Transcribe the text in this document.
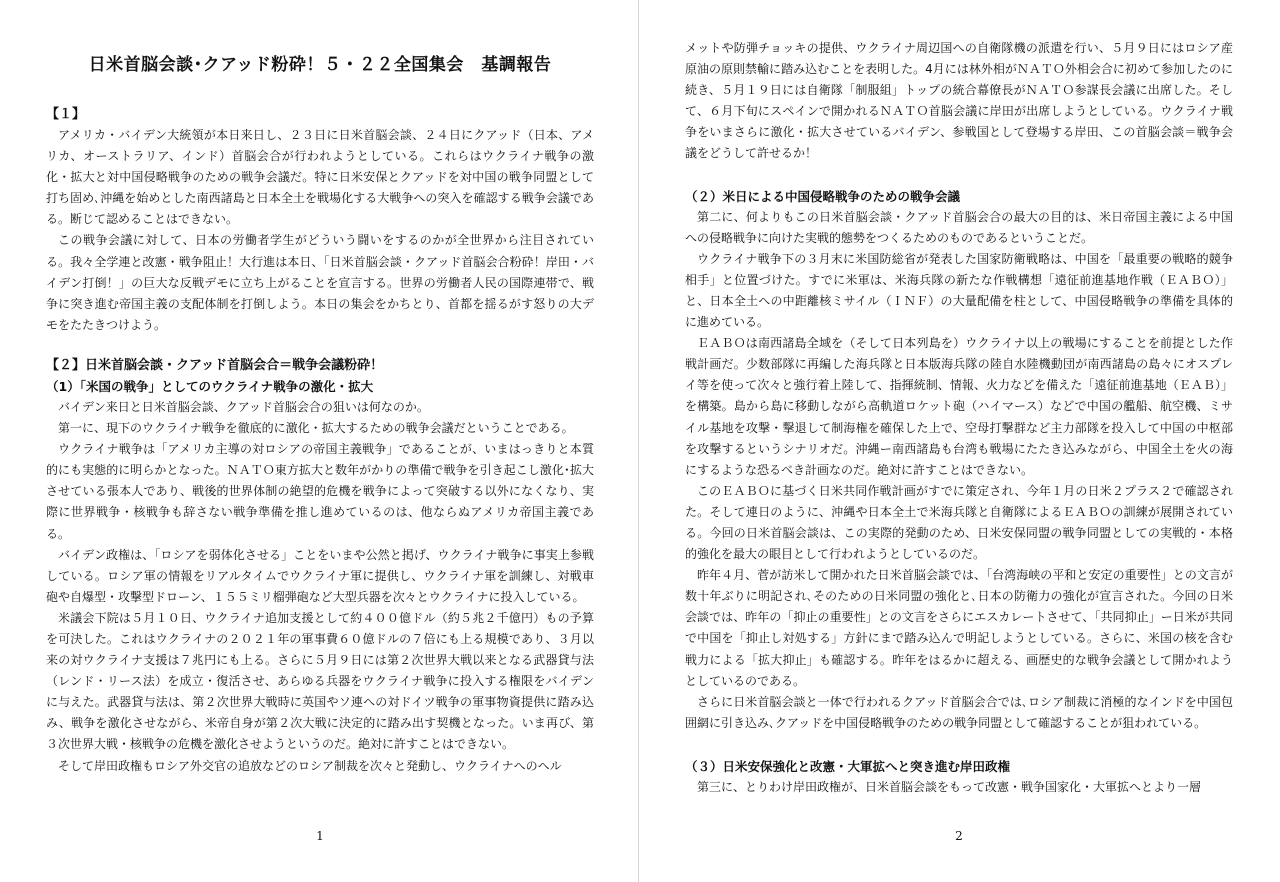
日米首脳会談･クアッド粉砕！５・２２全国集会　基調報告
【１】

アメリカ・バイデン大統領が本日来日し、２３日に日米首脳会談、２４日にクアッド（日本、アメリカ、オーストラリア、インド）首脳会合が行われようとしている。これらはウクライナ戦争の激化・拡大と対中国侵略戦争のための戦争会議だ。特に日米安保とクアッドを対中国の戦争同盟として打ち固め､沖縄を始めとした南西諸島と日本全土を戦場化する大戦争への突入を確認する戦争会議である。断じて認めることはできない。

この戦争会議に対して、日本の労働者学生がどういう闘いをするのかが全世界から注目されている。我々全学連と改憲・戦争阻止！大行進は本日、「日米首脳会談・クアッド首脳会合粉砕！岸田・バイデン打倒！」の巨大な反戦デモに立ち上がることを宣言する。世界の労働者人民の国際連帯で、戦争に突き進む帝国主義の支配体制を打倒しよう。本日の集会をかちとり、首都を揺るがす怒りの大デモをたたきつけよう。

【２】日米首脳会談・クアッド首脳会合＝戦争会議粉砕！
（1）「米国の戦争」としてのウクライナ戦争の激化・拡大

バイデン来日と日米首脳会談、クアッド首脳会合の狙いは何なのか。

第一に、現下のウクライナ戦争を徹底的に激化・拡大するための戦争会議だということである。

ウクライナ戦争は「アメリカ主導の対ロシアの帝国主義戦争」であることが、いまはっきりと本質的にも実態的に明らかとなった。ＮＡＴＯ東方拡大と数年がかりの準備で戦争を引き起こし激化･拡大させている張本人であり、戦後的世界体制の絶望的危機を戦争によって突破する以外になくなり、実際に世界戦争・核戦争も辞さない戦争準備を推し進めているのは、他ならぬアメリカ帝国主義である。

バイデン政権は、「ロシアを弱体化させる」ことをいまや公然と掲げ、ウクライナ戦争に事実上参戦している。ロシア軍の情報をリアルタイムでウクライナ軍に提供し、ウクライナ軍を訓練し、対戦車砲や自爆型・攻撃型ドローン、１５５ミリ榴弾砲など大型兵器を次々とウクライナに投入している。

米議会下院は５月１０日、ウクライナ追加支援として約４００億ドル（約５兆２千億円）もの予算を可決した。これはウクライナの２０２１年の軍事費６０億ドルの７倍にも上る規模であり、３月以来の対ウクライナ支援は７兆円にも上る。さらに５月９日には第２次世界大戦以来となる武器貸与法（レンド・リース法）を成立・復活させ、あらゆる兵器をウクライナ戦争に投入する権限をバイデンに与えた。武器貸与法は、第２次世界大戦時に英国やソ連への対ドイツ戦争の軍事物資提供に踏み込み、戦争を激化させながら、米帝自身が第２次大戦に決定的に踏み出す契機となった。いま再び、第３次世界大戦・核戦争の危機を激化させようというのだ。絶対に許すことはできない。

そして岸田政権もロシア外交官の追放などのロシア制裁を次々と発動し、ウクライナへのヘル

1

メットや防弾チョッキの提供、ウクライナ周辺国への自衛隊機の派遣を行い、５月９日にはロシア産原油の原則禁輸に踏み込むことを表明した。4月には林外相がＮＡＴＯ外相会合に初めて参加したのに続き、５月１９日には自衛隊「制服組」トップの統合幕僚長がＮＡＴＯ参謀長会議に出席した。そして、６月下旬にスペインで開かれるＮＡＴＯ首脳会議に岸田が出席しようとしている。ウクライナ戦争をいまさらに激化・拡大させているバイデン、参戦国として登場する岸田、この首脳会談＝戦争会議をどうして許せるか！

（２）米日による中国侵略戦争のための戦争会議

第二に、何よりもこの日米首脳会談・クアッド首脳会合の最大の目的は、米日帝国主義による中国への侵略戦争に向けた実戦的態勢をつくるためのものであるということだ。

ウクライナ戦争下の３月末に米国防総省が発表した国家防衛戦略は、中国を「最重要の戦略的競争相手」と位置づけた。すでに米軍は、米海兵隊の新たな作戦構想「遠征前進基地作戦（ＥＡＢＯ）」と、日本全土への中距離核ミサイル（ＩＮＦ）の大量配備を柱として、中国侵略戦争の準備を具体的に進めている。

ＥＡＢＯは南西諸島全域を（そして日本列島を）ウクライナ以上の戦場にすることを前提とした作戦計画だ。少数部隊に再編した海兵隊と日本版海兵隊の陸自水陸機動団が南西諸島の島々にオスプレイ等を使って次々と強行着上陸して、指揮統制、情報、火力などを備えた「遠征前進基地（ＥＡＢ）」を構築。島から島に移動しながら高軌道ロケット砲（ハイマース）などで中国の艦船、航空機、ミサイル基地を攻撃・撃退して制海権を確保した上で、空母打撃群など主力部隊を投入して中国の中枢部を攻撃するというシナリオだ。沖縄ー南西諸島も台湾も戦場にたたき込みながら、中国全土を火の海にするような恐るべき計画なのだ。絶対に許すことはできない。

このＥＡＢＯに基づく日米共同作戦計画がすでに策定され、今年１月の日米２プラス２で確認された。そして連日のように、沖縄や日本全土で米海兵隊と自衛隊によるＥＡＢＯの訓練が展開されている。今回の日米首脳会談は、この実際的発動のため、日米安保同盟の戦争同盟としての実戦的・本格的強化を最大の眼目として行われようとしているのだ。

昨年４月、菅が訪米して開かれた日米首脳会談では、「台湾海峡の平和と安定の重要性」との文言が数十年ぶりに明記され､そのための日米同盟の強化と､日本の防衛力の強化が宣言された。今回の日米会談では、昨年の「抑止の重要性」との文言をさらにエスカレートさせて、「共同抑止」ー日米が共同で中国を「抑止し対処する」方針にまで踏み込んで明記しようとしている。さらに、米国の核を含む戦力による「拡大抑止」も確認する。昨年をはるかに超える、画歴史的な戦争会議として開かれようとしているのである。

さらに日米首脳会談と一体で行われるクアッド首脳会合では､ロシア制裁に消極的なインドを中国包囲網に引き込み､クアッドを中国侵略戦争のための戦争同盟として確認することが狙われている。

（３）日米安保強化と改憲・大軍拡へと突き進む岸田政権

第三に、とりわけ岸田政権が、日米首脳会談をもって改憲・戦争国家化・大軍拡へとより一層

2
